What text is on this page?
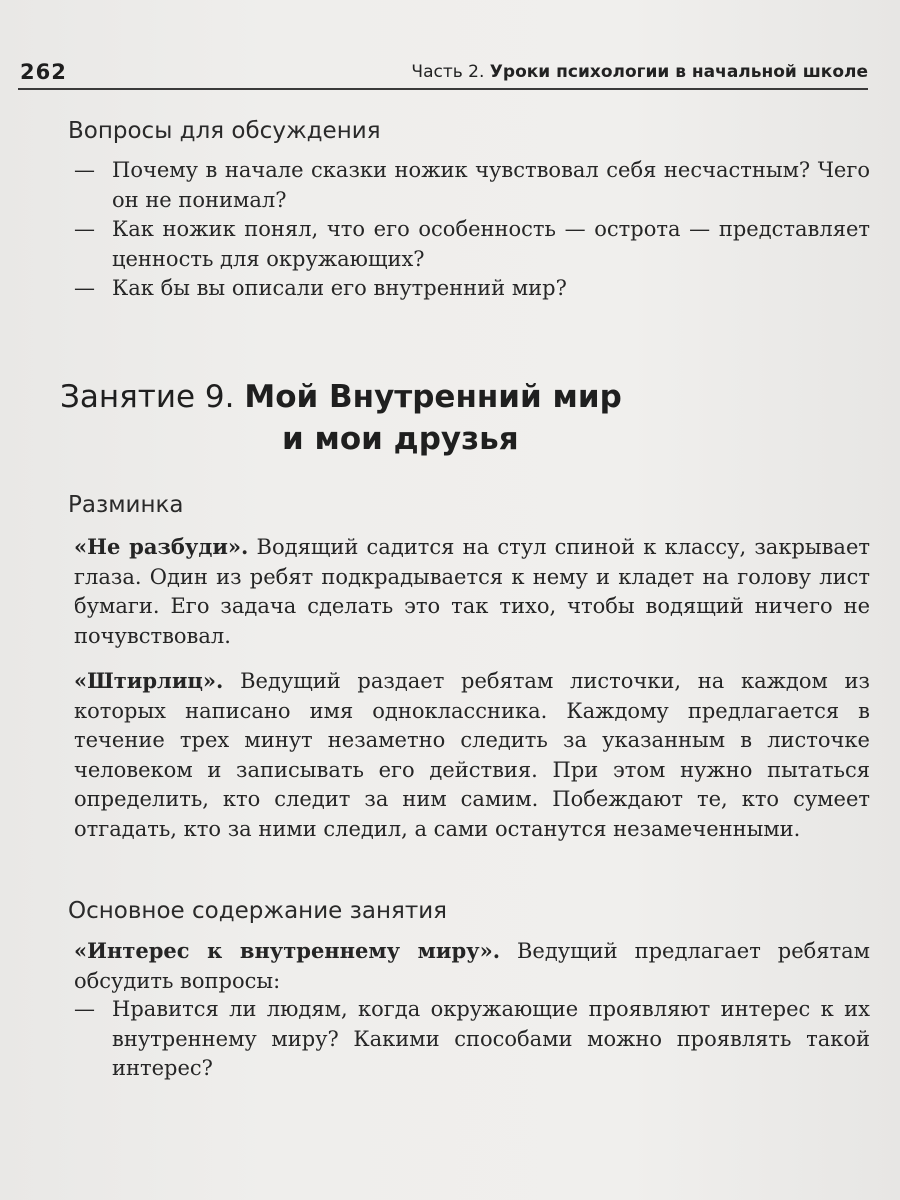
262	Часть 2. Уроки психологии в начальной школе
Вопросы для обсуждения
— Почему в начале сказки ножик чувствовал себя несчастным? Чего он не понимал?
— Как ножик понял, что его особенность — острота — представляет ценность для окружающих?
— Как бы вы описали его внутренний мир?
Занятие 9. Мой Внутренний мир
и мои друзья
Разминка
«Не разбуди». Водящий садится на стул спиной к классу, закрывает глаза. Один из ребят подкрадывается к нему и кладет на голову лист бумаги. Его задача сделать это так тихо, чтобы водящий ничего не почувствовал.
«Штирлиц». Ведущий раздает ребятам листочки, на каждом из которых написано имя одноклассника. Каждому предлагается в течение трех минут незаметно следить за указанным в листочке человеком и записывать его действия. При этом нужно пытаться определить, кто следит за ним самим. Побеждают те, кто сумеет отгадать, кто за ними следил, а сами останутся незамеченными.
Основное содержание занятия
«Интерес к внутреннему миру». Ведущий предлагает ребятам обсудить вопросы:
— Нравится ли людям, когда окружающие проявляют интерес к их внутреннему миру? Какими способами можно проявлять такой интерес?
